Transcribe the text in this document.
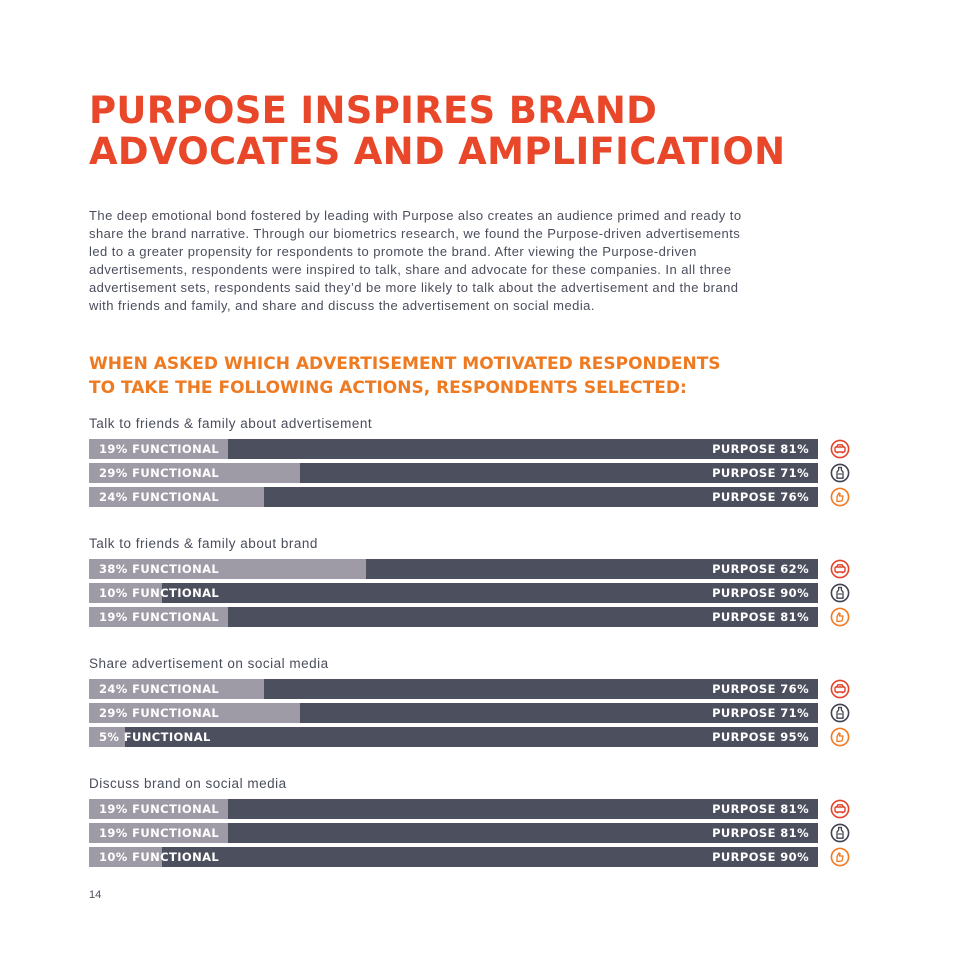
PURPOSE INSPIRES BRAND
ADVOCATES AND AMPLIFICATION

The deep emotional bond fostered by leading with Purpose also creates an audience primed and ready to
share the brand narrative. Through our biometrics research, we found the Purpose-driven advertisements
led to a greater propensity for respondents to promote the brand. After viewing the Purpose-driven
advertisements, respondents were inspired to talk, share and advocate for these companies. In all three
advertisement sets, respondents said they’d be more likely to talk about the advertisement and the brand
with friends and family, and share and discuss the advertisement on social media.

WHEN ASKED WHICH ADVERTISEMENT MOTIVATED RESPONDENTS
TO TAKE THE FOLLOWING ACTIONS, RESPONDENTS SELECTED:
Talk to friends & family about advertisement
19% FUNCTIONAL	PURPOSE 81%
29% FUNCTIONAL	PURPOSE 71%
24% FUNCTIONAL	PURPOSE 76%
Talk to friends & family about brand
38% FUNCTIONAL	PURPOSE 62%
10% FUNCTIONAL	PURPOSE 90%
19% FUNCTIONAL	PURPOSE 81%
Share advertisement on social media
24% FUNCTIONAL	PURPOSE 76%
29% FUNCTIONAL	PURPOSE 71%
5% FUNCTIONAL	PURPOSE 95%
Discuss brand on social media
19% FUNCTIONAL	PURPOSE 81%
19% FUNCTIONAL	PURPOSE 81%
10% FUNCTIONAL	PURPOSE 90%
14
